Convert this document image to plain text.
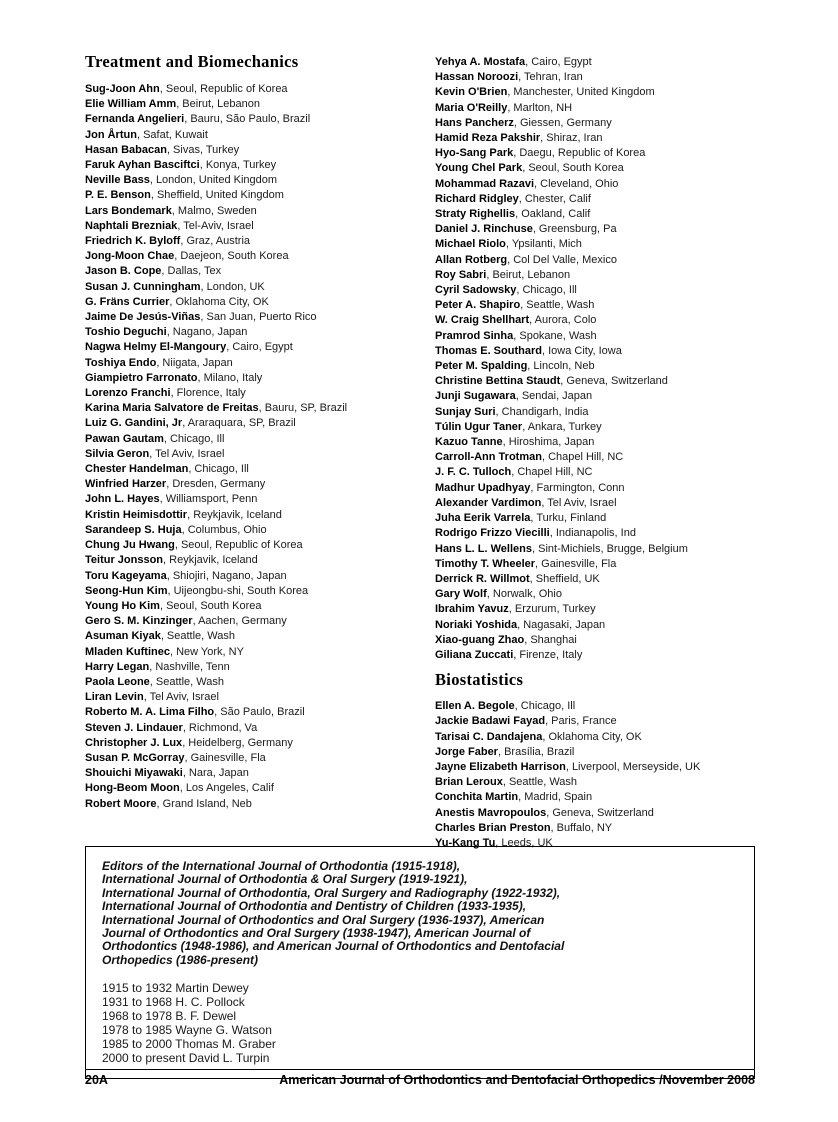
Treatment and Biomechanics
Sug-Joon Ahn, Seoul, Republic of Korea
Elie William Amm, Beirut, Lebanon
Fernanda Angelieri, Bauru, São Paulo, Brazil
Jon Årtun, Safat, Kuwait
Hasan Babacan, Sivas, Turkey
Faruk Ayhan Basciftci, Konya, Turkey
Neville Bass, London, United Kingdom
P. E. Benson, Sheffield, United Kingdom
Lars Bondemark, Malmo, Sweden
Naphtali Brezniak, Tel-Aviv, Israel
Friedrich K. Byloff, Graz, Austria
Jong-Moon Chae, Daejeon, South Korea
Jason B. Cope, Dallas, Tex
Susan J. Cunningham, London, UK
G. Fräns Currier, Oklahoma City, OK
Jaime De Jesús-Viñas, San Juan, Puerto Rico
Toshio Deguchi, Nagano, Japan
Nagwa Helmy El-Mangoury, Cairo, Egypt
Toshiya Endo, Niigata, Japan
Giampietro Farronato, Milano, Italy
Lorenzo Franchi, Florence, Italy
Karina Maria Salvatore de Freitas, Bauru, SP, Brazil
Luiz G. Gandini, Jr, Araraquara, SP, Brazil
Pawan Gautam, Chicago, Ill
Silvia Geron, Tel Aviv, Israel
Chester Handelman, Chicago, Ill
Winfried Harzer, Dresden, Germany
John L. Hayes, Williamsport, Penn
Kristin Heimisdottir, Reykjavik, Iceland
Sarandeep S. Huja, Columbus, Ohio
Chung Ju Hwang, Seoul, Republic of Korea
Teitur Jonsson, Reykjavik, Iceland
Toru Kageyama, Shiojiri, Nagano, Japan
Seong-Hun Kim, Uijeongbu-shi, South Korea
Young Ho Kim, Seoul, South Korea
Gero S. M. Kinzinger, Aachen, Germany
Asuman Kiyak, Seattle, Wash
Mladen Kuftinec, New York, NY
Harry Legan, Nashville, Tenn
Paola Leone, Seattle, Wash
Liran Levin, Tel Aviv, Israel
Roberto M. A. Lima Filho, São Paulo, Brazil
Steven J. Lindauer, Richmond, Va
Christopher J. Lux, Heidelberg, Germany
Susan P. McGorray, Gainesville, Fla
Shouichi Miyawaki, Nara, Japan
Hong-Beom Moon, Los Angeles, Calif
Robert Moore, Grand Island, Neb
Yehya A. Mostafa, Cairo, Egypt
Hassan Noroozi, Tehran, Iran
Kevin O'Brien, Manchester, United Kingdom
Maria O'Reilly, Marlton, NH
Hans Pancherz, Giessen, Germany
Hamid Reza Pakshir, Shiraz, Iran
Hyo-Sang Park, Daegu, Republic of Korea
Young Chel Park, Seoul, South Korea
Mohammad Razavi, Cleveland, Ohio
Richard Ridgley, Chester, Calif
Straty Righellis, Oakland, Calif
Daniel J. Rinchuse, Greensburg, Pa
Michael Riolo, Ypsilanti, Mich
Allan Rotberg, Col Del Valle, Mexico
Roy Sabri, Beirut, Lebanon
Cyril Sadowsky, Chicago, Ill
Peter A. Shapiro, Seattle, Wash
W. Craig Shellhart, Aurora, Colo
Pramrod Sinha, Spokane, Wash
Thomas E. Southard, Iowa City, Iowa
Peter M. Spalding, Lincoln, Neb
Christine Bettina Staudt, Geneva, Switzerland
Junji Sugawara, Sendai, Japan
Sunjay Suri, Chandigarh, India
Túlin Ugur Taner, Ankara, Turkey
Kazuo Tanne, Hiroshima, Japan
Carroll-Ann Trotman, Chapel Hill, NC
J. F. C. Tulloch, Chapel Hill, NC
Madhur Upadhyay, Farmington, Conn
Alexander Vardimon, Tel Aviv, Israel
Juha Eerik Varrela, Turku, Finland
Rodrigo Frizzo Viecilli, Indianapolis, Ind
Hans L. L. Wellens, Sint-Michiels, Brugge, Belgium
Timothy T. Wheeler, Gainesville, Fla
Derrick R. Willmot, Sheffield, UK
Gary Wolf, Norwalk, Ohio
Ibrahim Yavuz, Erzurum, Turkey
Noriaki Yoshida, Nagasaki, Japan
Xiao-guang Zhao, Shanghai
Giliana Zuccati, Firenze, Italy
Biostatistics
Ellen A. Begole, Chicago, Ill
Jackie Badawi Fayad, Paris, France
Tarisai C. Dandajena, Oklahoma City, OK
Jorge Faber, Brasília, Brazil
Jayne Elizabeth Harrison, Liverpool, Merseyside, UK
Brian Leroux, Seattle, Wash
Conchita Martin, Madrid, Spain
Anestis Mavropoulos, Geneva, Switzerland
Charles Brian Preston, Buffalo, NY
Yu-Kang Tu, Leeds, UK
Editors of the International Journal of Orthodontia (1915-1918),
International Journal of Orthodontia & Oral Surgery (1919-1921),
International Journal of Orthodontia, Oral Surgery and Radiography (1922-1932),
International Journal of Orthodontia and Dentistry of Children (1933-1935),
International Journal of Orthodontics and Oral Surgery (1936-1937), American
Journal of Orthodontics and Oral Surgery (1938-1947), American Journal of
Orthodontics (1948-1986), and American Journal of Orthodontics and Dentofacial
Orthopedics (1986-present)
1915 to 1932 Martin Dewey
1931 to 1968 H. C. Pollock
1968 to 1978 B. F. Dewel
1978 to 1985 Wayne G. Watson
1985 to 2000 Thomas M. Graber
2000 to present David L. Turpin
20A	American Journal of Orthodontics and Dentofacial Orthopedics /November 2008
